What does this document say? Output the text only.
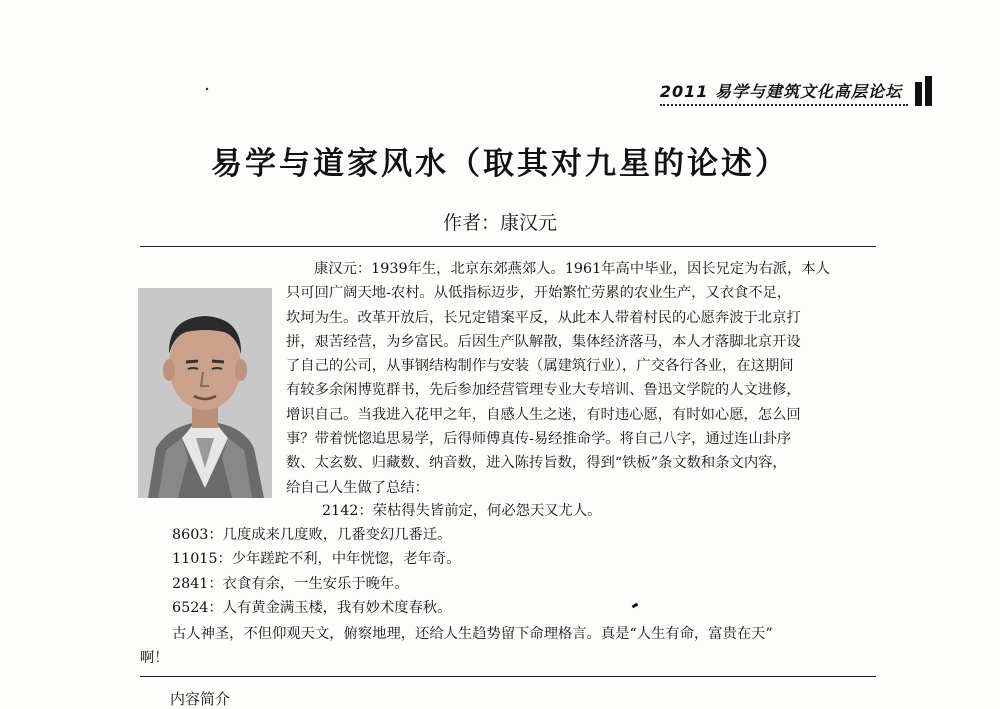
2011 易学与建筑文化高层论坛
易学与道家风水（取其对九星的论述）
作者：康汉元
康汉元：1939年生，北京东郊燕郊人。1961年高中毕业，因长兄定为右派，本人
只可回广阔天地-农村。从低指标迈步，开始繁忙劳累的农业生产，又衣食不足，
坎坷为生。改革开放后，长兄定错案平反，从此本人带着村民的心愿奔波于北京打
拼，艰苦经营，为乡富民。后因生产队解散，集体经济落马，本人才落脚北京开设
了自己的公司，从事钢结构制作与安装（属建筑行业），广交各行各业，在这期间
有较多余闲博览群书，先后参加经营管理专业大专培训、鲁迅文学院的人文进修，
增识自己。当我进入花甲之年，自感人生之迷，有时违心愿，有时如心愿，怎么回
事？带着恍惚追思易学，后得师傅真传-易经推命学。将自己八字，通过连山卦序
数、太玄数、归藏数、纳音数，进入陈抟旨数，得到“铁板”条文数和条文内容，
给自己人生做了总结：
2142：荣枯得失皆前定，何必怨天又尤人。
8603：几度成来几度败，几番变幻几番迁。
11015：少年蹉跎不利，中年恍惚，老年奇。
2841：衣食有余，一生安乐于晚年。
6524：人有黄金满玉楼，我有妙术度春秋。
古人神圣，不但仰观天文，俯察地理，还给人生趋势留下命理格言。真是“人生有命，富贵在天”
啊！
内容简介
